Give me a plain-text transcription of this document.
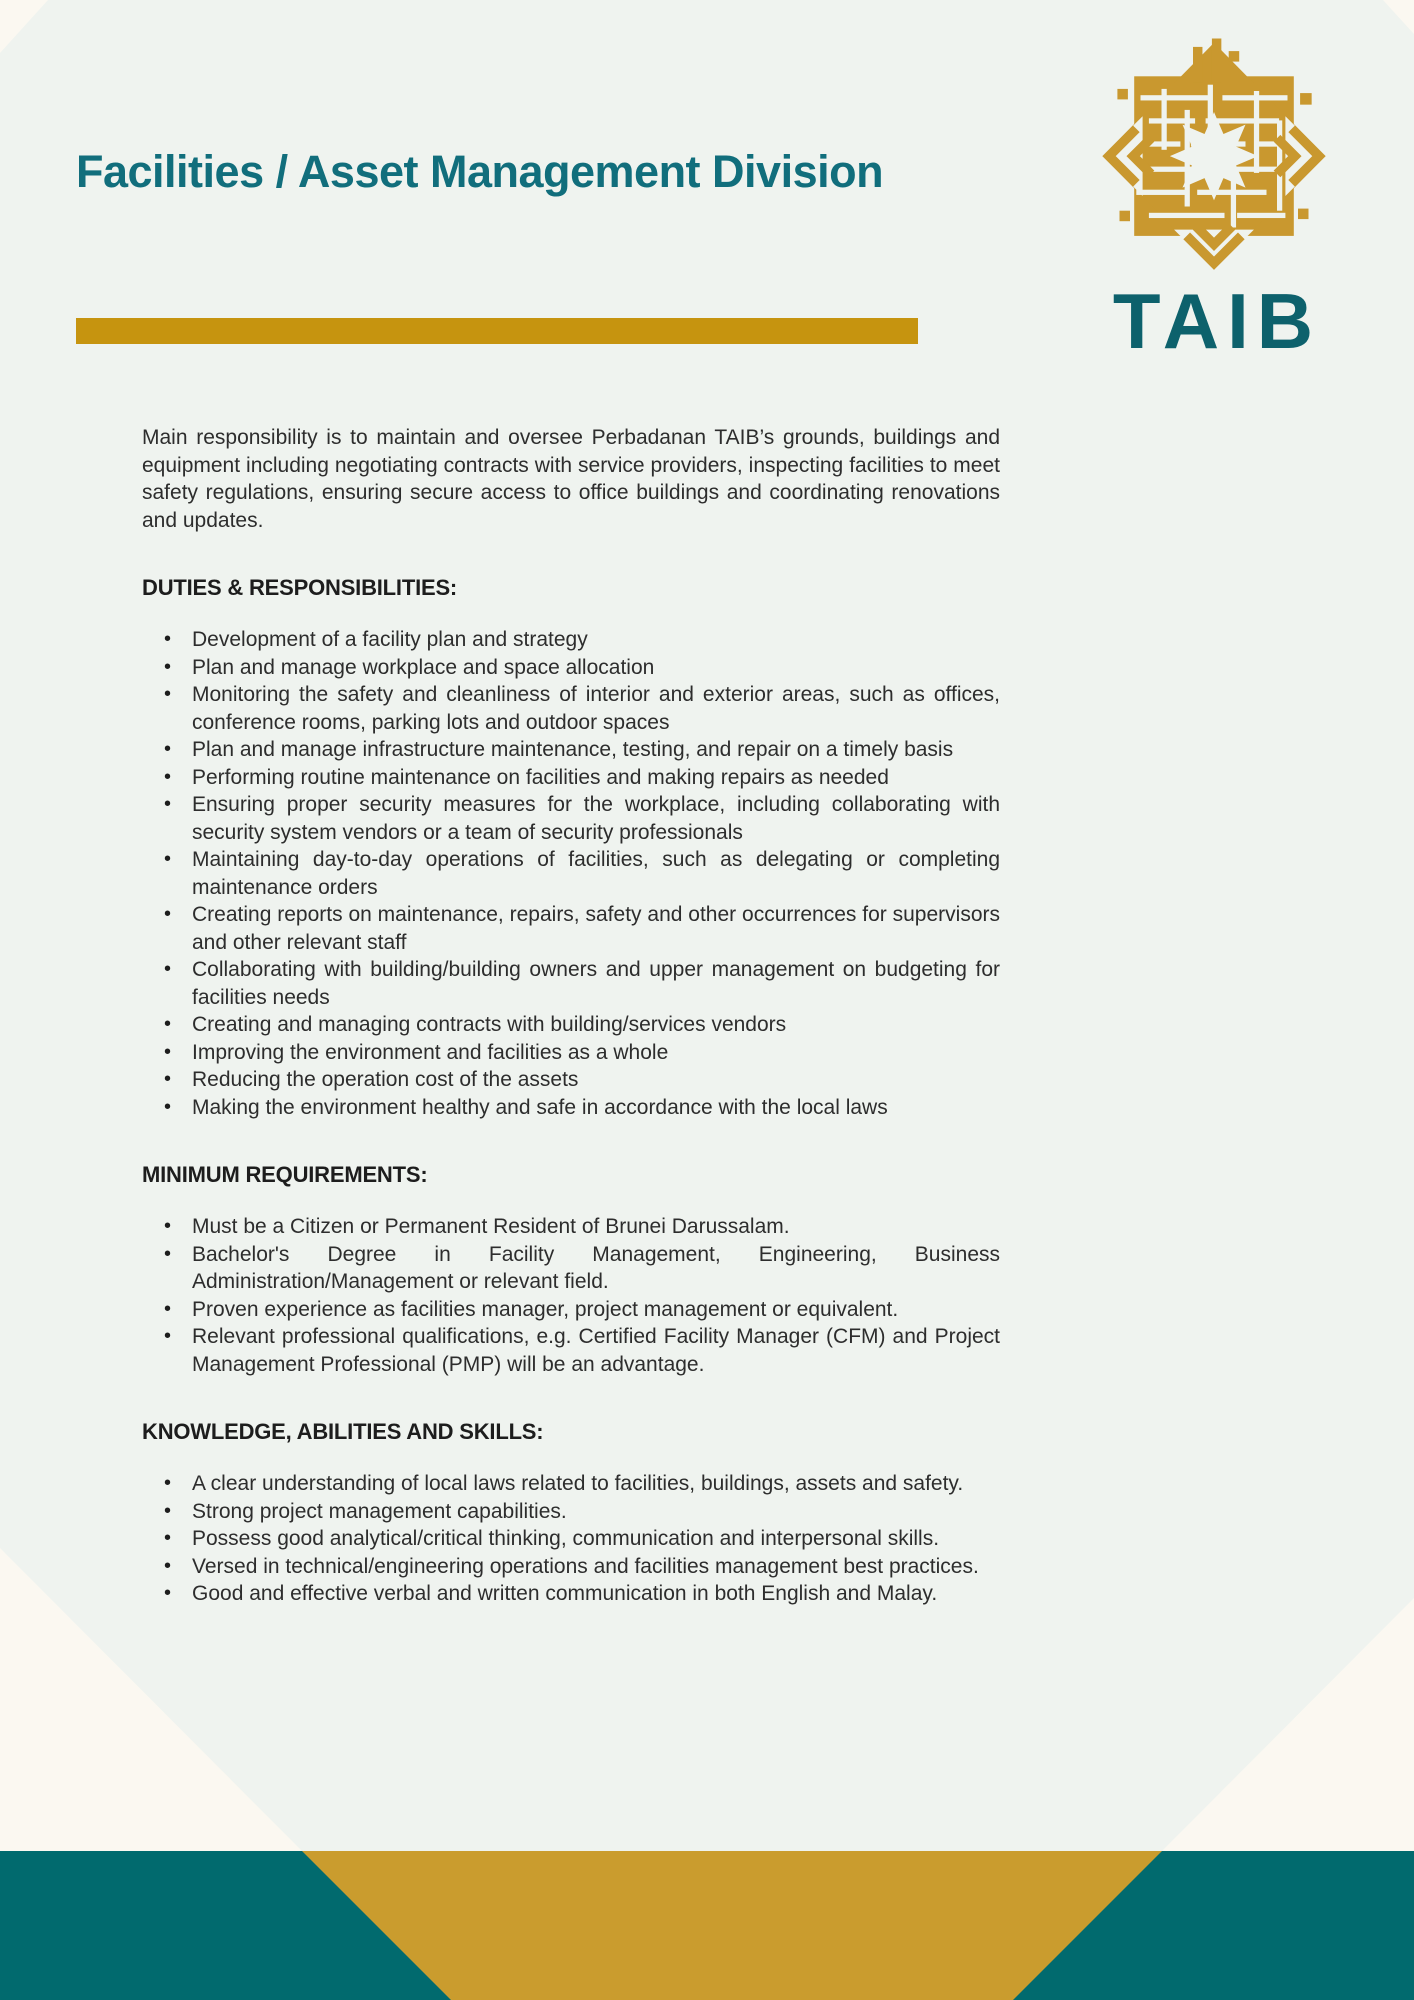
Facilities / Asset Management Division
TAIB

Main responsibility is to maintain and oversee Perbadanan TAIB’s grounds, buildings and equipment including negotiating contracts with service providers, inspecting facilities to meet safety regulations, ensuring secure access to office buildings and coordinating renovations and updates.

DUTIES & RESPONSIBILITIES:
• Development of a facility plan and strategy
• Plan and manage workplace and space allocation
• Monitoring the safety and cleanliness of interior and exterior areas, such as offices, conference rooms, parking lots and outdoor spaces
• Plan and manage infrastructure maintenance, testing, and repair on a timely basis
• Performing routine maintenance on facilities and making repairs as needed
• Ensuring proper security measures for the workplace, including collaborating with security system vendors or a team of security professionals
• Maintaining day-to-day operations of facilities, such as delegating or completing maintenance orders
• Creating reports on maintenance, repairs, safety and other occurrences for supervisors and other relevant staff
• Collaborating with building/building owners and upper management on budgeting for facilities needs
• Creating and managing contracts with building/services vendors
• Improving the environment and facilities as a whole
• Reducing the operation cost of the assets
• Making the environment healthy and safe in accordance with the local laws
MINIMUM REQUIREMENTS:
• Must be a Citizen or Permanent Resident of Brunei Darussalam.
• Bachelor's Degree in Facility Management, Engineering, Business Administration/Management or relevant field.
• Proven experience as facilities manager, project management or equivalent.
• Relevant professional qualifications, e.g. Certified Facility Manager (CFM) and Project Management Professional (PMP) will be an advantage.
KNOWLEDGE, ABILITIES AND SKILLS:
• A clear understanding of local laws related to facilities, buildings, assets and safety.
• Strong project management capabilities.
• Possess good analytical/critical thinking, communication and interpersonal skills.
• Versed in technical/engineering operations and facilities management best practices.
• Good and effective verbal and written communication in both English and Malay.
